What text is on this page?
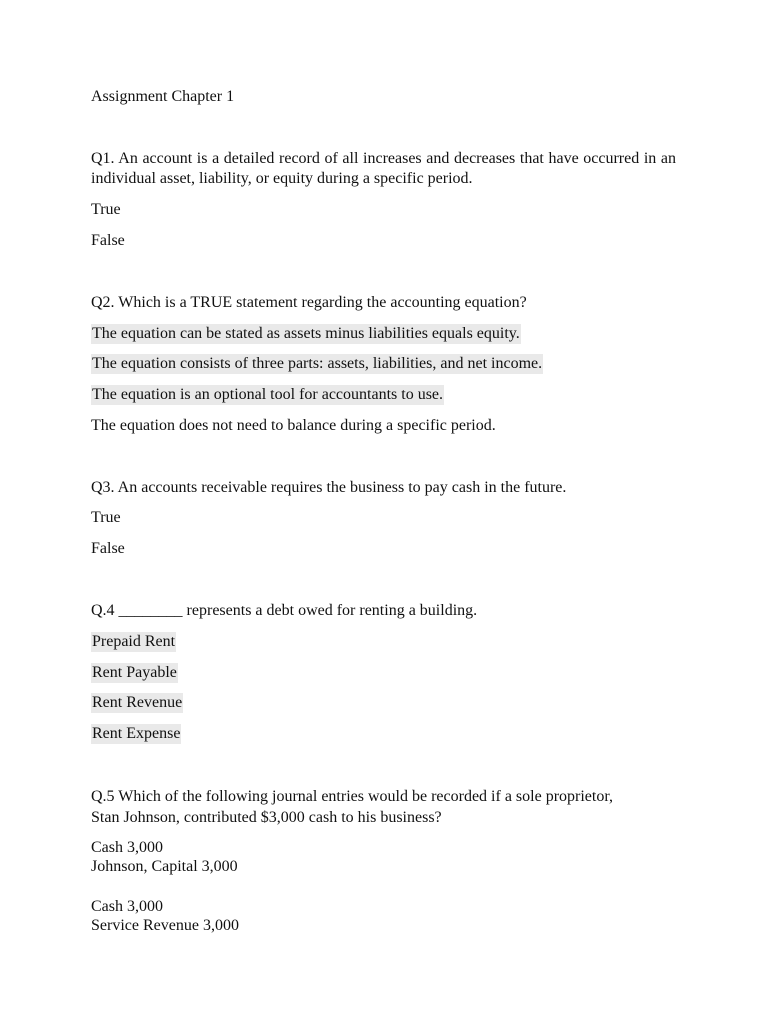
Assignment Chapter 1
Q1. An account is a detailed record of all increases and decreases that have occurred in an individual asset, liability, or equity during a specific period.
True
False
Q2. Which is a TRUE statement regarding the accounting equation?
The equation can be stated as assets minus liabilities equals equity.
The equation consists of three parts: assets, liabilities, and net income.
The equation is an optional tool for accountants to use.
The equation does not need to balance during a specific period.
Q3. An accounts receivable requires the business to pay cash in the future.
True
False
Q.4 ________ represents a debt owed for renting a building.
Prepaid Rent
Rent Payable
Rent Revenue
Rent Expense
Q.5 Which of the following journal entries would be recorded if a sole proprietor,
Stan Johnson, contributed $3,000 cash to his business?
Cash 3,000
Johnson, Capital 3,000
Cash 3,000
Service Revenue 3,000
